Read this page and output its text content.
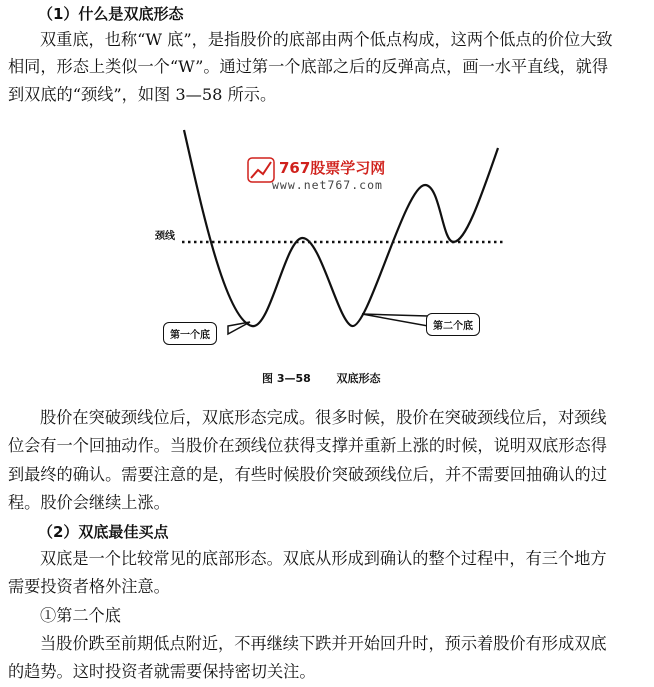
（1）什么是双底形态
双重底，也称“W 底”，是指股价的底部由两个低点构成，这两个低点的价位大致
相同，形态上类似一个“W”。通过第一个底部之后的反弹高点，画一水平直线，就得
到双底的“颈线”，如图 3—58 所示。
颈线
767股票学习网
www.net767.com
第一个底
第二个底
图 3—58 双底形态
股价在突破颈线位后，双底形态完成。很多时候，股价在突破颈线位后，对颈线
位会有一个回抽动作。当股价在颈线位获得支撑并重新上涨的时候，说明双底形态得
到最终的确认。需要注意的是，有些时候股价突破颈线位后，并不需要回抽确认的过
程。股价会继续上涨。
（2）双底最佳买点
双底是一个比较常见的底部形态。双底从形成到确认的整个过程中，有三个地方
需要投资者格外注意。
①第二个底
当股价跌至前期低点附近，不再继续下跌并开始回升时，预示着股价有形成双底
的趋势。这时投资者就需要保持密切关注。
